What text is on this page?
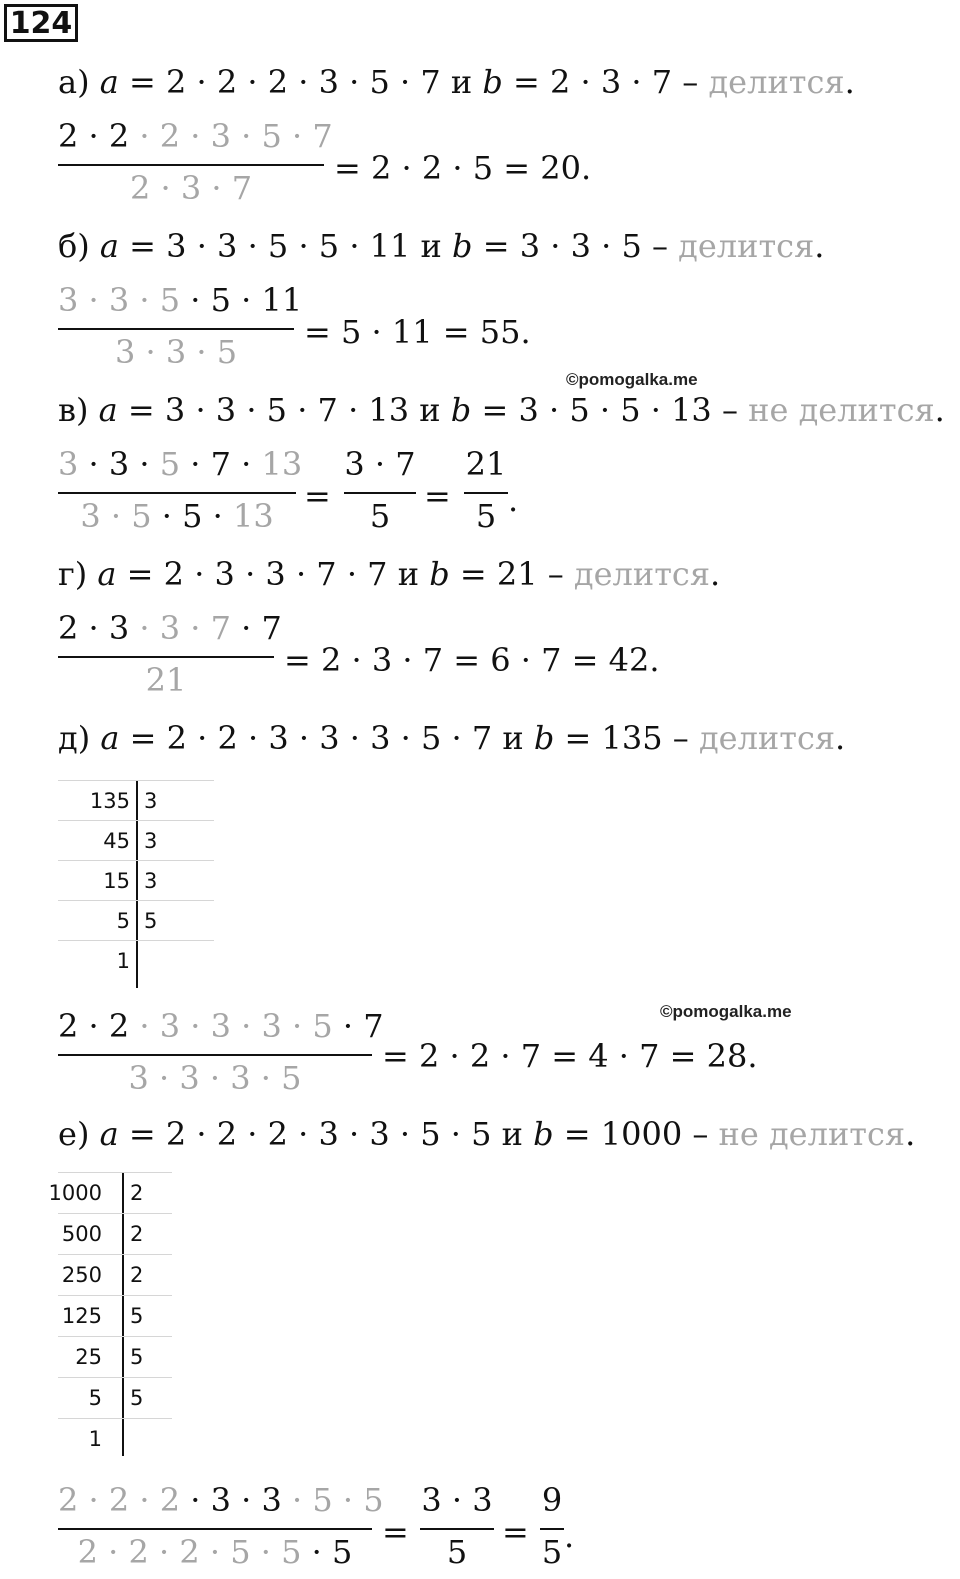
124
а) a = 2 · 2 · 2 · 3 · 5 · 7 и b = 2 · 3 · 7 – делится.
2 · 2 · 2 · 3 · 5 · 7
2 · 3 · 7
= 2 · 2 · 5 = 20.
б) a = 3 · 3 · 5 · 5 · 11 и b = 3 · 3 · 5 – делится.
3 · 3 · 5 · 5 · 11
3 · 3 · 5
= 5 · 11 = 55.
©pomogalka.me
в) a = 3 · 3 · 5 · 7 · 13 и b = 3 · 5 · 5 · 13 – не делится.
3 · 3 · 5 · 7 · 13
3 · 5 · 5 · 13
=
3 · 7
5
=
21
5 .
г) a = 2 · 3 · 3 · 7 · 7 и b = 21 – делится.
2 · 3 · 3 · 7 · 7
21
= 2 · 3 · 7 = 6 · 7 = 42.
д) a = 2 · 2 · 3 · 3 · 3 · 5 · 7 и b = 135 – делится.
135 3
45 3
15 3
5 5
1
©pomogalka.me
2 · 2 · 3 · 3 · 3 · 5 · 7
3 · 3 · 3 · 5
= 2 · 2 · 7 = 4 · 7 = 28.
е) a = 2 · 2 · 2 · 3 · 3 · 5 · 5 и b = 1000 – не делится.
1000 2
500 2
250 2
125 5
25 5
5 5
1
2 · 2 · 2 · 3 · 3 · 5 · 5
2 · 2 · 2 · 5 · 5 · 5
=
3 · 3
5
=
9
5 .
